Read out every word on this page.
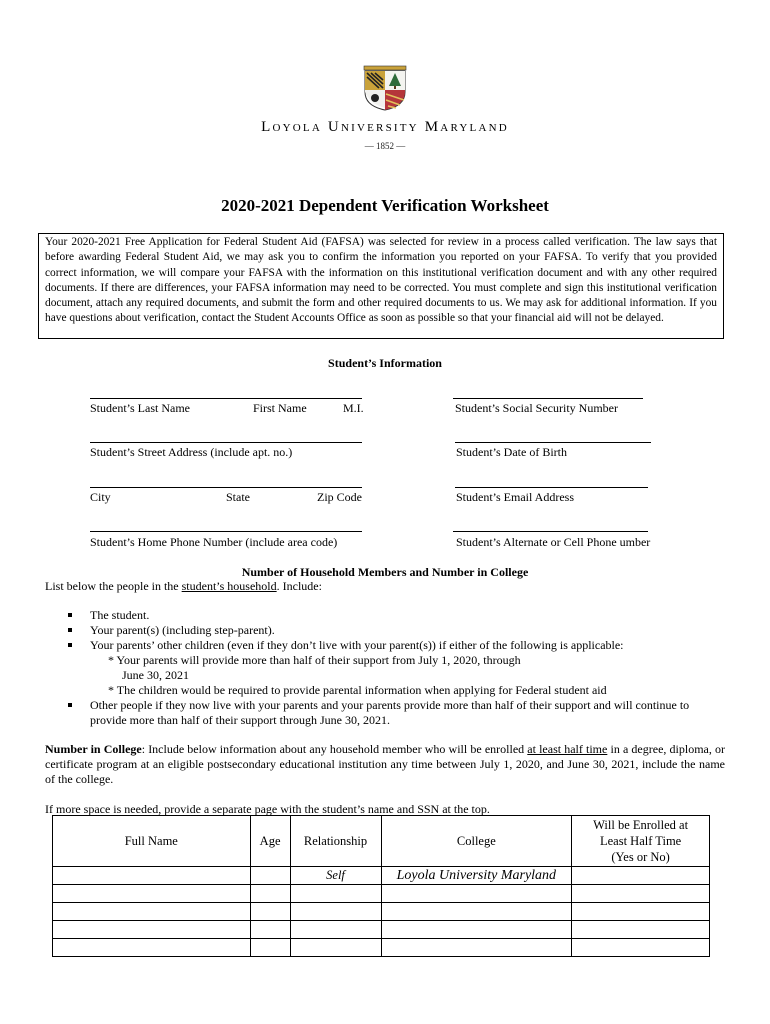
Loyola University Maryland
— 1852 —
2020-2021 Dependent Verification Worksheet
Your 2020-2021 Free Application for Federal Student Aid (FAFSA) was selected for review in a process called verification. The law says that before awarding Federal Student Aid, we may ask you to confirm the information you reported on your FAFSA. To verify that you provided correct information, we will compare your FAFSA with the information on this institutional verification document and with any other required documents. If there are differences, your FAFSA information may need to be corrected. You must complete and sign this institutional verification document, attach any required documents, and submit the form and other required documents to us. We may ask for additional information. If you have questions about verification, contact the Student Accounts Office as soon as possible so that your financial aid will not be delayed.
Student’s Information
Student’s Last Name	First Name	M.I.	Student’s Social Security Number
Student’s Street Address (include apt. no.)	Student’s Date of Birth
City	State	Zip Code	Student’s Email Address
Student’s Home Phone Number (include area code)	Student’s Alternate or Cell Phone umber
Number of Household Members and Number in College
List below the people in the student’s household. Include:
The student.
Your parent(s) (including step-parent).
Your parents’ other children (even if they don’t live with your parent(s)) if either of the following is applicable:
* Your parents will provide more than half of their support from July 1, 2020, through
June 30, 2021
* The children would be required to provide parental information when applying for Federal student aid
Other people if they now live with your parents and your parents provide more than half of their support and will continue to provide more than half of their support through June 30, 2021.
Number in College: Include below information about any household member who will be enrolled at least half time in a degree, diploma, or certificate program at an eligible postsecondary educational institution any time between July 1, 2020, and June 30, 2021, include the name of the college.
If more space is needed, provide a separate page with the student’s name and SSN at the top.
Full Name	Age	Relationship	College	Will be Enrolled at
Least Half Time
(Yes or No)
		Self	Loyola University Maryland	
